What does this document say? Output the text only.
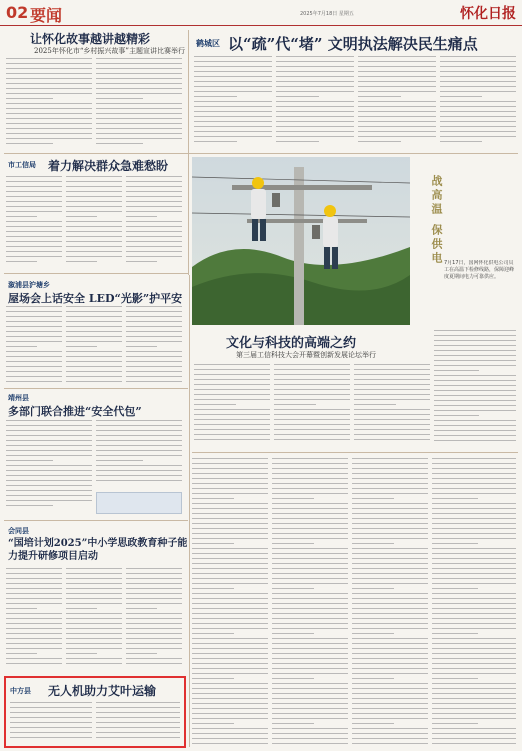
02 要闻	2025年7月18日 星期五	怀化日报
让怀化故事越讲越精彩
2025年怀化市“乡村振兴故事”主题宣讲比赛举行
鹤城区 以“疏”代“堵” 文明执法解决民生痛点
市工信局 着力解决群众急难愁盼
战高温 保供电 7月17日，国网怀化供电公司员工在高温下检修线路，保障迎峰度夏期间电力可靠供应。
溆浦县沪塘乡
屋场会上话安全 LED“光影”护平安
文化与科技的高端之约
第三届工信科技大会开幕暨创新发展论坛举行
靖州县
多部门联合推进“安全代包”
会同县
“国培计划2025”中小学思政教育种子能力提升研修项目启动
中方县 无人机助力艾叶运输
